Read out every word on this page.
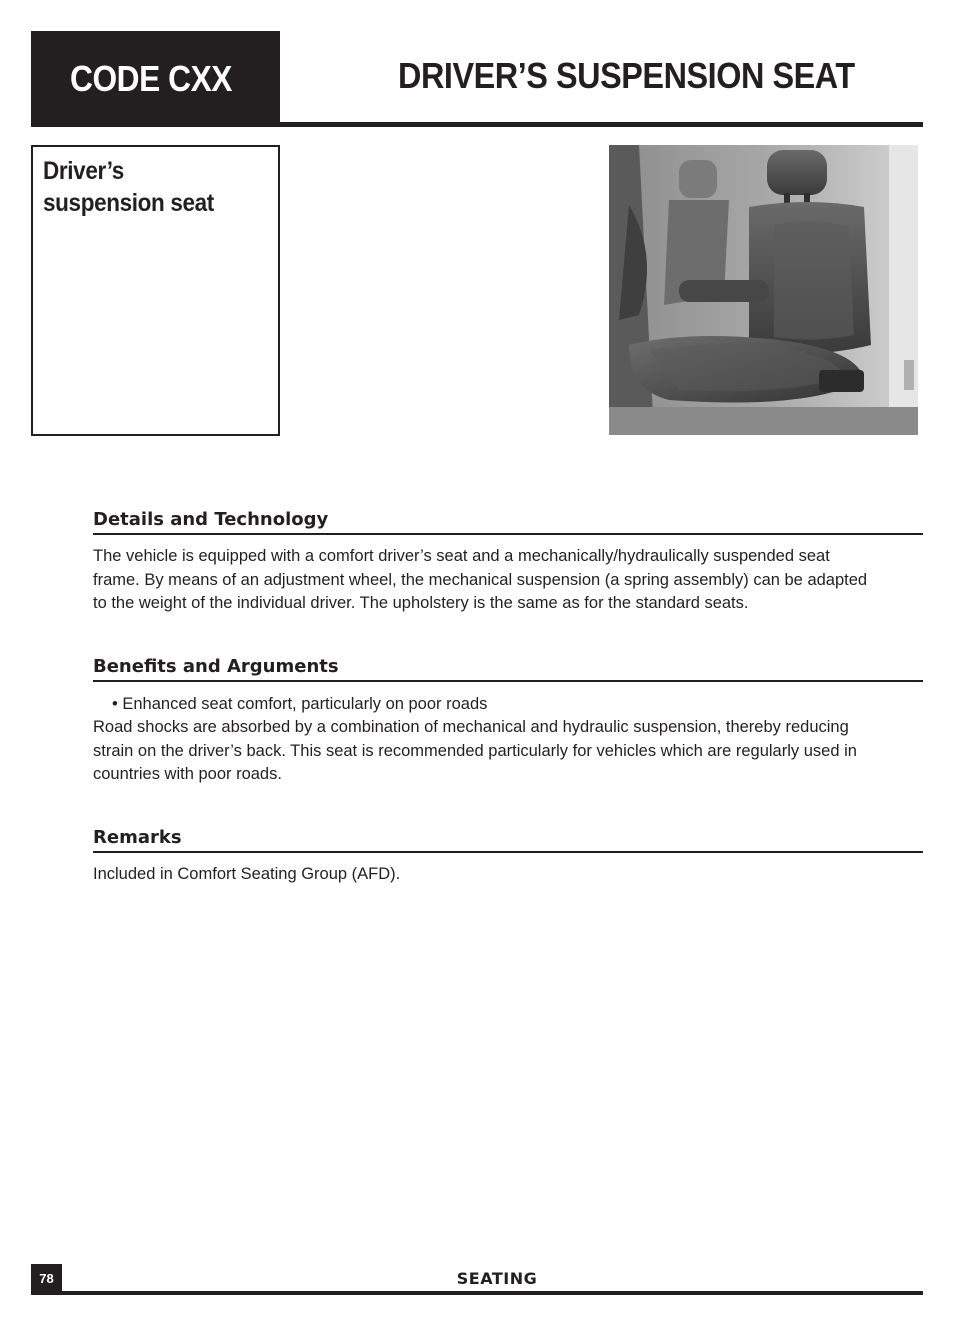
CODE CXX	DRIVER’S SUSPENSION SEAT
Driver’s
suspension seat
Details and Technology
The vehicle is equipped with a comfort driver’s seat and a mechanically/hydraulically suspended seat
frame. By means of an adjustment wheel, the mechanical suspension (a spring assembly) can be adapted
to the weight of the individual driver. The upholstery is the same as for the standard seats.
Benefits and Arguments
• Enhanced seat comfort, particularly on poor roads
Road shocks are absorbed by a combination of mechanical and hydraulic suspension, thereby reducing
strain on the driver’s back. This seat is recommended particularly for vehicles which are regularly used in
countries with poor roads.
Remarks
Included in Comfort Seating Group (AFD).
78	SEATING
